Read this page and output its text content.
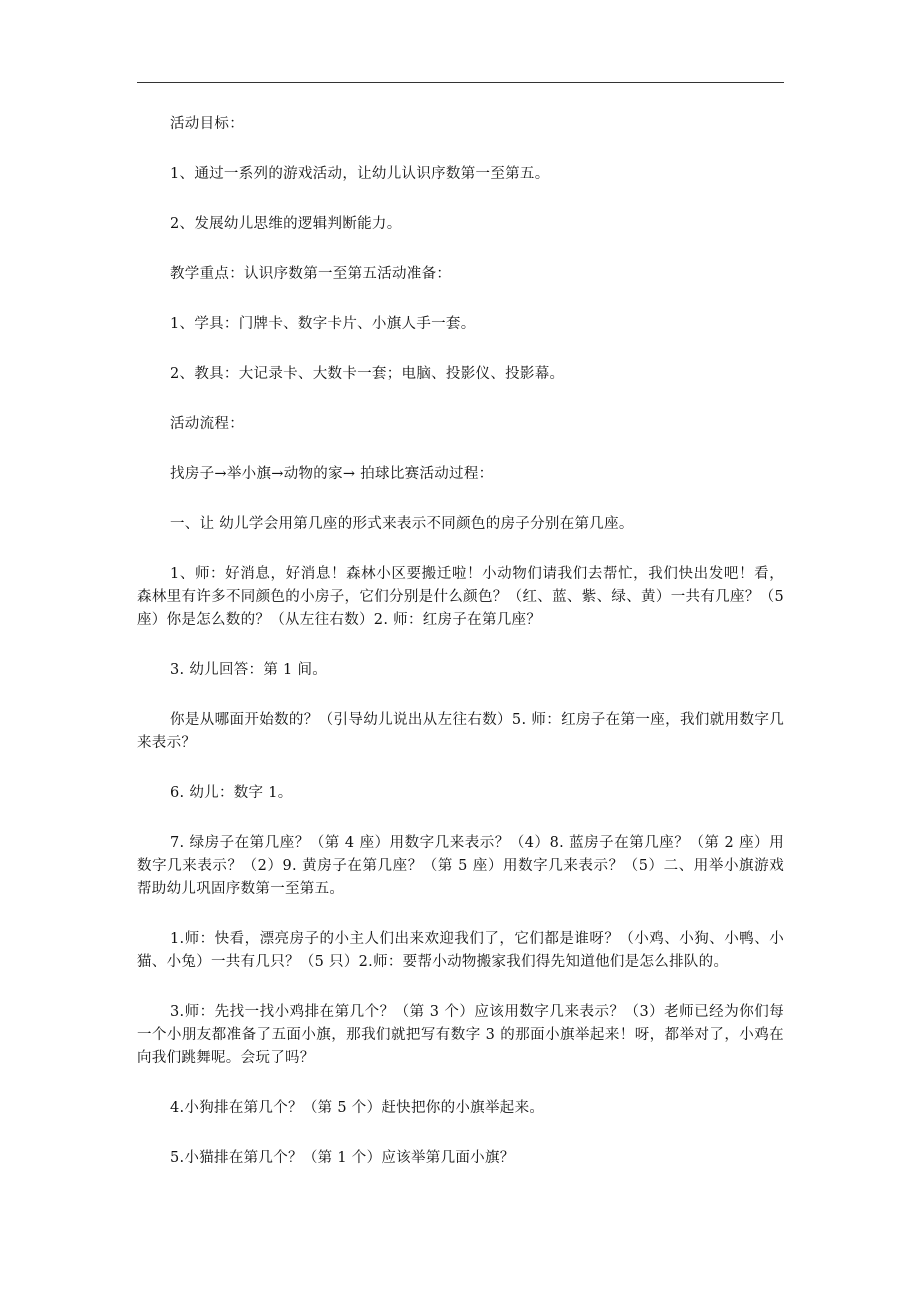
活动目标：

1、通过一系列的游戏活动，让幼儿认识序数第一至第五。

2、发展幼儿思维的逻辑判断能力。

教学重点：认识序数第一至第五活动准备：

1、学具：门牌卡、数字卡片、小旗人手一套。

2、教具：大记录卡、大数卡一套；电脑、投影仪、投影幕。

活动流程：

找房子→举小旗→动物的家→ 拍球比赛活动过程：

一、让 幼儿学会用第几座的形式来表示不同颜色的房子分别在第几座。

1、师：好消息，好消息！森林小区要搬迁啦！小动物们请我们去帮忙，我们快出发吧！看，森林里有许多不同颜色的小房子，它们分别是什么颜色？（红、蓝、紫、绿、黄）一共有几座？（5座）你是怎么数的？（从左往右数）2. 师：红房子在第几座？

3. 幼儿回答：第 1 间。

你是从哪面开始数的？（引导幼儿说出从左往右数）5. 师：红房子在第一座，我们就用数字几来表示？

6. 幼儿：数字 1。

7. 绿房子在第几座？（第 4 座）用数字几来表示？（4）8. 蓝房子在第几座？（第 2 座）用数字几来表示？（2）9. 黄房子在第几座？（第 5 座）用数字几来表示？（5）二、用举小旗游戏帮助幼儿巩固序数第一至第五。

1.师：快看，漂亮房子的小主人们出来欢迎我们了，它们都是谁呀？（小鸡、小狗、小鸭、小猫、小兔）一共有几只？（5 只）2.师：要帮小动物搬家我们得先知道他们是怎么排队的。

3.师：先找一找小鸡排在第几个？（第 3 个）应该用数字几来表示？（3）老师已经为你们每一个小朋友都准备了五面小旗，那我们就把写有数字 3 的那面小旗举起来！呀，都举对了，小鸡在向我们跳舞呢。会玩了吗？

4.小狗排在第几个？（第 5 个）赶快把你的小旗举起来。

5.小猫排在第几个？（第 1 个）应该举第几面小旗？
